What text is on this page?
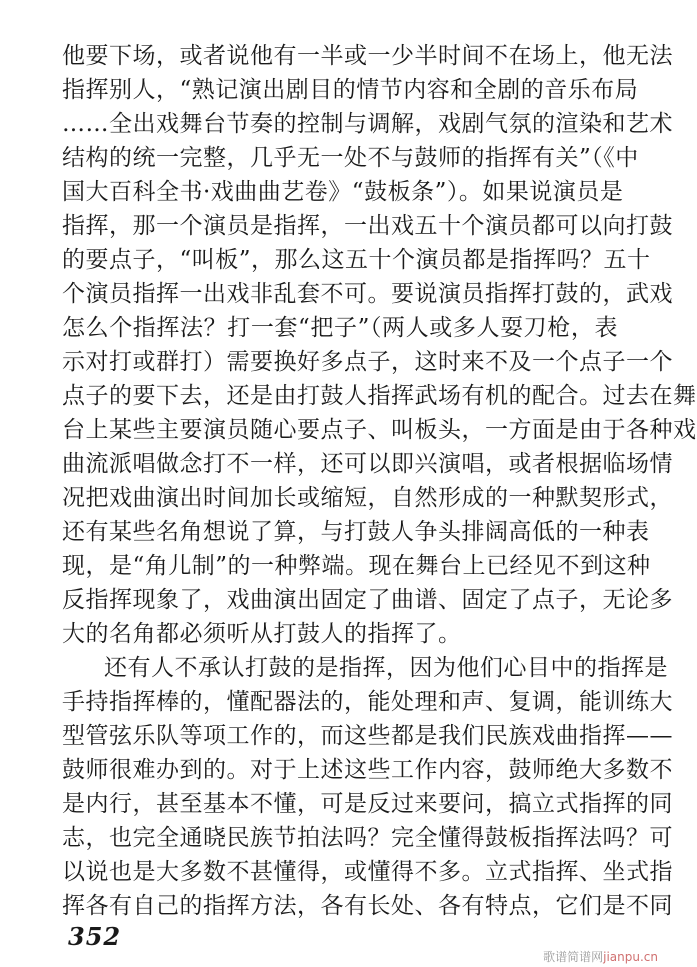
他要下场，或者说他有一半或一少半时间不在场上，他无法
指挥别人，“熟记演出剧目的情节内容和全剧的音乐布局
……全出戏舞台节奏的控制与调解，戏剧气氛的渲染和艺术
结构的统一完整，几乎无一处不与鼓师的指挥有关”（《中
国大百科全书·戏曲曲艺卷》“鼓板条”）。如果说演员是
指挥，那一个演员是指挥，一出戏五十个演员都可以向打鼓
的要点子，“叫板”，那么这五十个演员都是指挥吗？五十
个演员指挥一出戏非乱套不可。要说演员指挥打鼓的，武戏
怎么个指挥法？打一套“把子”（两人或多人耍刀枪，表
示对打或群打）需要换好多点子，这时来不及一个点子一个
点子的要下去，还是由打鼓人指挥武场有机的配合。过去在舞
台上某些主要演员随心要点子、叫板头，一方面是由于各种戏
曲流派唱做念打不一样，还可以即兴演唱，或者根据临场情
况把戏曲演出时间加长或缩短，自然形成的一种默契形式，
还有某些名角想说了算，与打鼓人争头排阔高低的一种表
现，是“角儿制”的一种弊端。现在舞台上已经见不到这种
反指挥现象了，戏曲演出固定了曲谱、固定了点子，无论多
大的名角都必须听从打鼓人的指挥了。
还有人不承认打鼓的是指挥，因为他们心目中的指挥是
手持指挥棒的，懂配器法的，能处理和声、复调，能训练大
型管弦乐队等项工作的，而这些都是我们民族戏曲指挥——
鼓师很难办到的。对于上述这些工作内容，鼓师绝大多数不
是内行，甚至基本不懂，可是反过来要问，搞立式指挥的同
志，也完全通晓民族节拍法吗？完全懂得鼓板指挥法吗？可
以说也是大多数不甚懂得，或懂得不多。立式指挥、坐式指
挥各有自己的指挥方法，各有长处、各有特点，它们是不同
352
歌谱简谱网jianpu.cn
